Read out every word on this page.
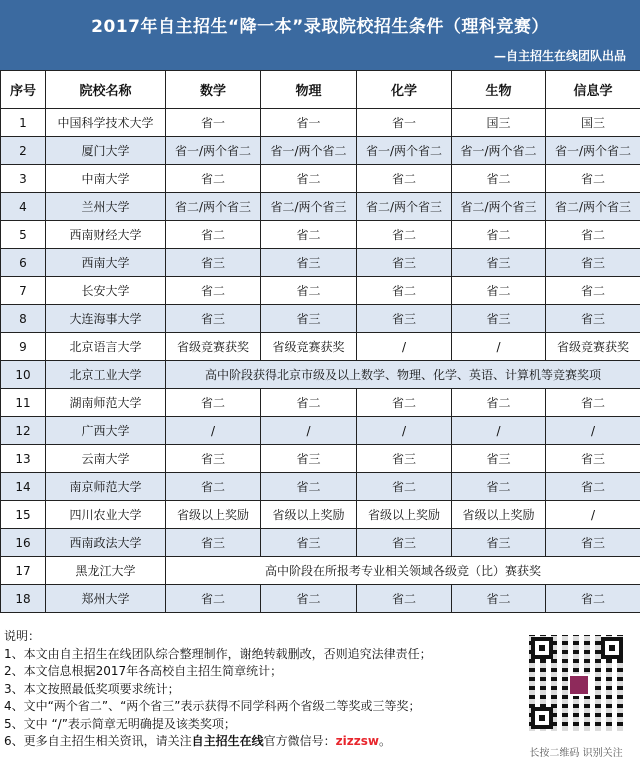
2017年自主招生“降一本”录取院校招生条件（理科竞赛）
—自主招生在线团队出品
序号	院校名称	数学	物理	化学	生物	信息学
1	中国科学技术大学	省一	省一	省一	国三	国三
2	厦门大学	省一/两个省二	省一/两个省二	省一/两个省二	省一/两个省二	省一/两个省二
3	中南大学	省二	省二	省二	省二	省二
4	兰州大学	省二/两个省三	省二/两个省三	省二/两个省三	省二/两个省三	省二/两个省三
5	西南财经大学	省二	省二	省二	省二	省二
6	西南大学	省三	省三	省三	省三	省三
7	长安大学	省二	省二	省二	省二	省二
8	大连海事大学	省三	省三	省三	省三	省三
9	北京语言大学	省级竞赛获奖	省级竞赛获奖	/	/	省级竞赛获奖
10	北京工业大学	高中阶段获得北京市级及以上数学、物理、化学、英语、计算机等竞赛奖项				
11	湖南师范大学	省二	省二	省二	省二	省二
12	广西大学	/	/	/	/	/
13	云南大学	省三	省三	省三	省三	省三
14	南京师范大学	省二	省二	省二	省二	省二
15	四川农业大学	省级以上奖励	省级以上奖励	省级以上奖励	省级以上奖励	/
16	西南政法大学	省三	省三	省三	省三	省三
17	黑龙江大学	高中阶段在所报考专业相关领域各级竞（比）赛获奖				
18	郑州大学	省二	省二	省二	省二	省二
说明：
1、本文由自主招生在线团队综合整理制作，谢绝转载删改，否则追究法律责任；
2、本文信息根据2017年各高校自主招生简章统计；
3、本文按照最低奖项要求统计；
4、文中“两个省二”、“两个省三”表示获得不同学科两个省级二等奖或三等奖；
5、文中 “/”表示简章无明确提及该类奖项；
6、更多自主招生相关资讯，请关注自主招生在线官方微信号：zizzsw。
长按二维码 识别关注
